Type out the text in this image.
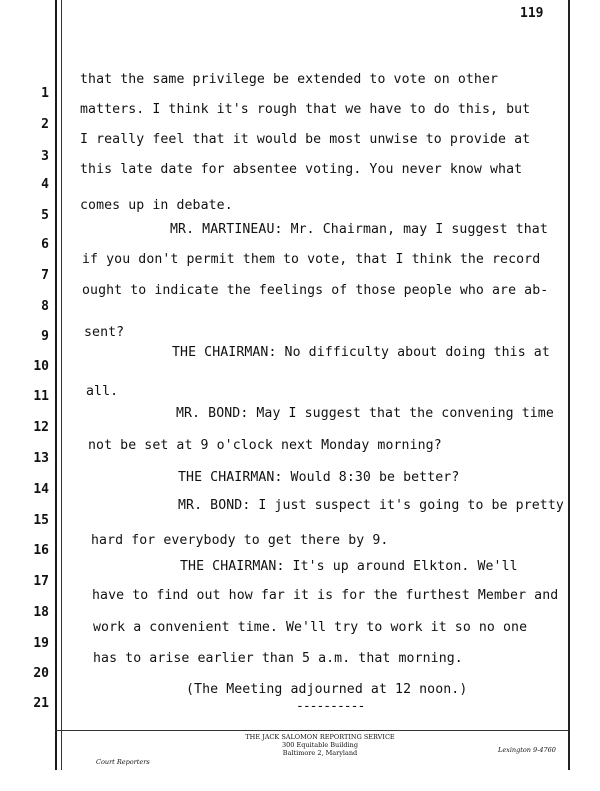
119
1
2
3
4
5
6
7
8
9
10
11
12
13
14
15
16
17
18
19
20
21
that the same privilege be extended to vote on other
matters. I think it's rough that we have to do this, but
I really feel that it would be most unwise to provide at
this late date for absentee voting. You never know what
comes up in debate.
MR. MARTINEAU: Mr. Chairman, may I suggest that
if you don't permit them to vote, that I think the record
ought to indicate the feelings of those people who are ab-
sent?
THE CHAIRMAN: No difficulty about doing this at
all.
MR. BOND: May I suggest that the convening time
not be set at 9 o'clock next Monday morning?
THE CHAIRMAN: Would 8:30 be better?
MR. BOND: I just suspect it's going to be pretty
hard for everybody to get there by 9.
THE CHAIRMAN: It's up around Elkton. We'll
have to find out how far it is for the furthest Member and
work a convenient time. We'll try to work it so no one
has to arise earlier than 5 a.m. that morning.
(The Meeting adjourned at 12 noon.)
----------
THE JACK SALOMON REPORTING SERVICE
300 Equitable Building
Baltimore 2, Maryland
Court Reporters
Lexington 9-4760
